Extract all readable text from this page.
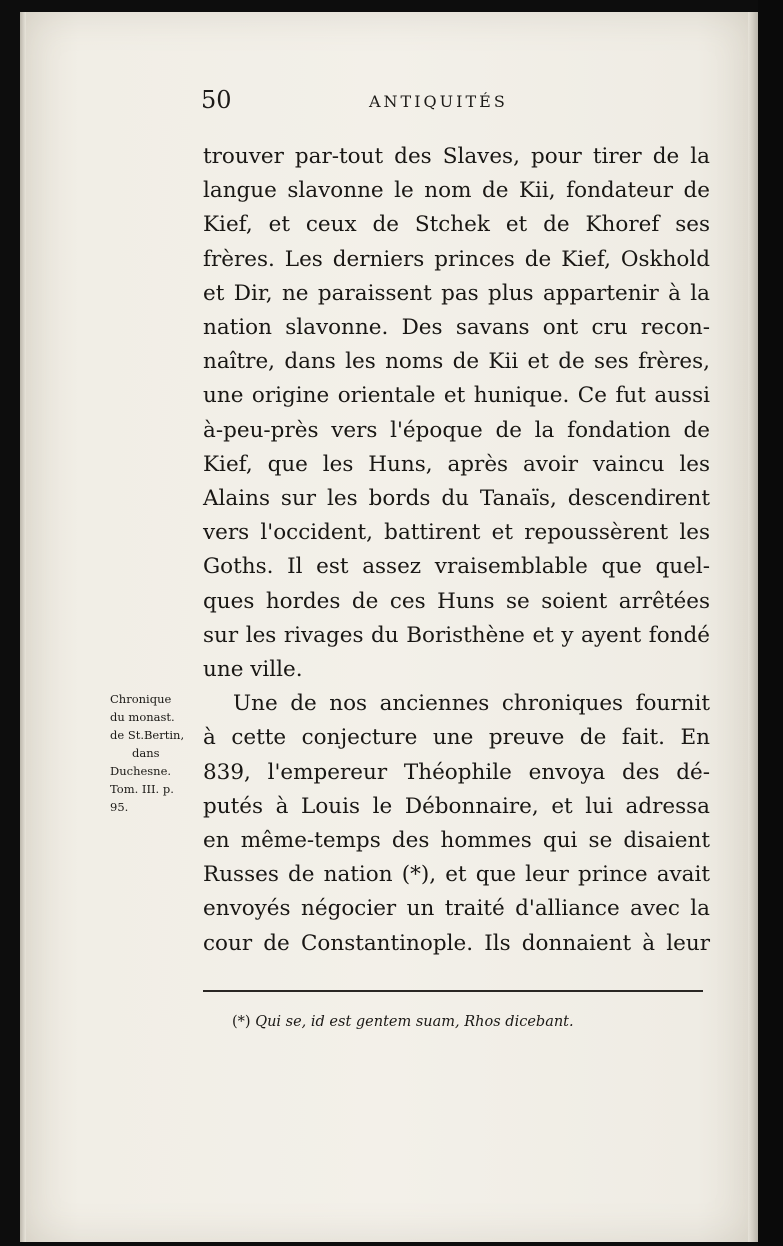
50	ANTIQUITÉS
trouver par-tout des Slaves, pour tirer de la
langue slavonne le nom de Kii, fondateur de
Kief, et ceux de Stchek et de Khoref ses
frères. Les derniers princes de Kief, Oskhold
et Dir, ne paraissent pas plus appartenir à la
nation slavonne. Des savans ont cru recon-
naître, dans les noms de Kii et de ses frères,
une origine orientale et hunique. Ce fut aussi
à-peu-près vers l'époque de la fondation de
Kief, que les Huns, après avoir vaincu les
Alains sur les bords du Tanaïs, descendirent
vers l'occident, battirent et repoussèrent les
Goths. Il est assez vraisemblable que quel-
ques hordes de ces Huns se soient arrêtées
sur les rivages du Boristhène et y ayent fondé
une ville.
Une de nos anciennes chroniques fournit
à cette conjecture une preuve de fait. En
839, l'empereur Théophile envoya des dé-
putés à Louis le Débonnaire, et lui adressa
en même-temps des hommes qui se disaient
Russes de nation (*), et que leur prince avait
envoyés négocier un traité d'alliance avec la
cour de Constantinople. Ils donnaient à leur
Chronique
du monast.
de St.Bertin,
dans
Duchesne.
Tom. III. p.
95.
(*) Qui se, id est gentem suam, Rhos dicebant.
